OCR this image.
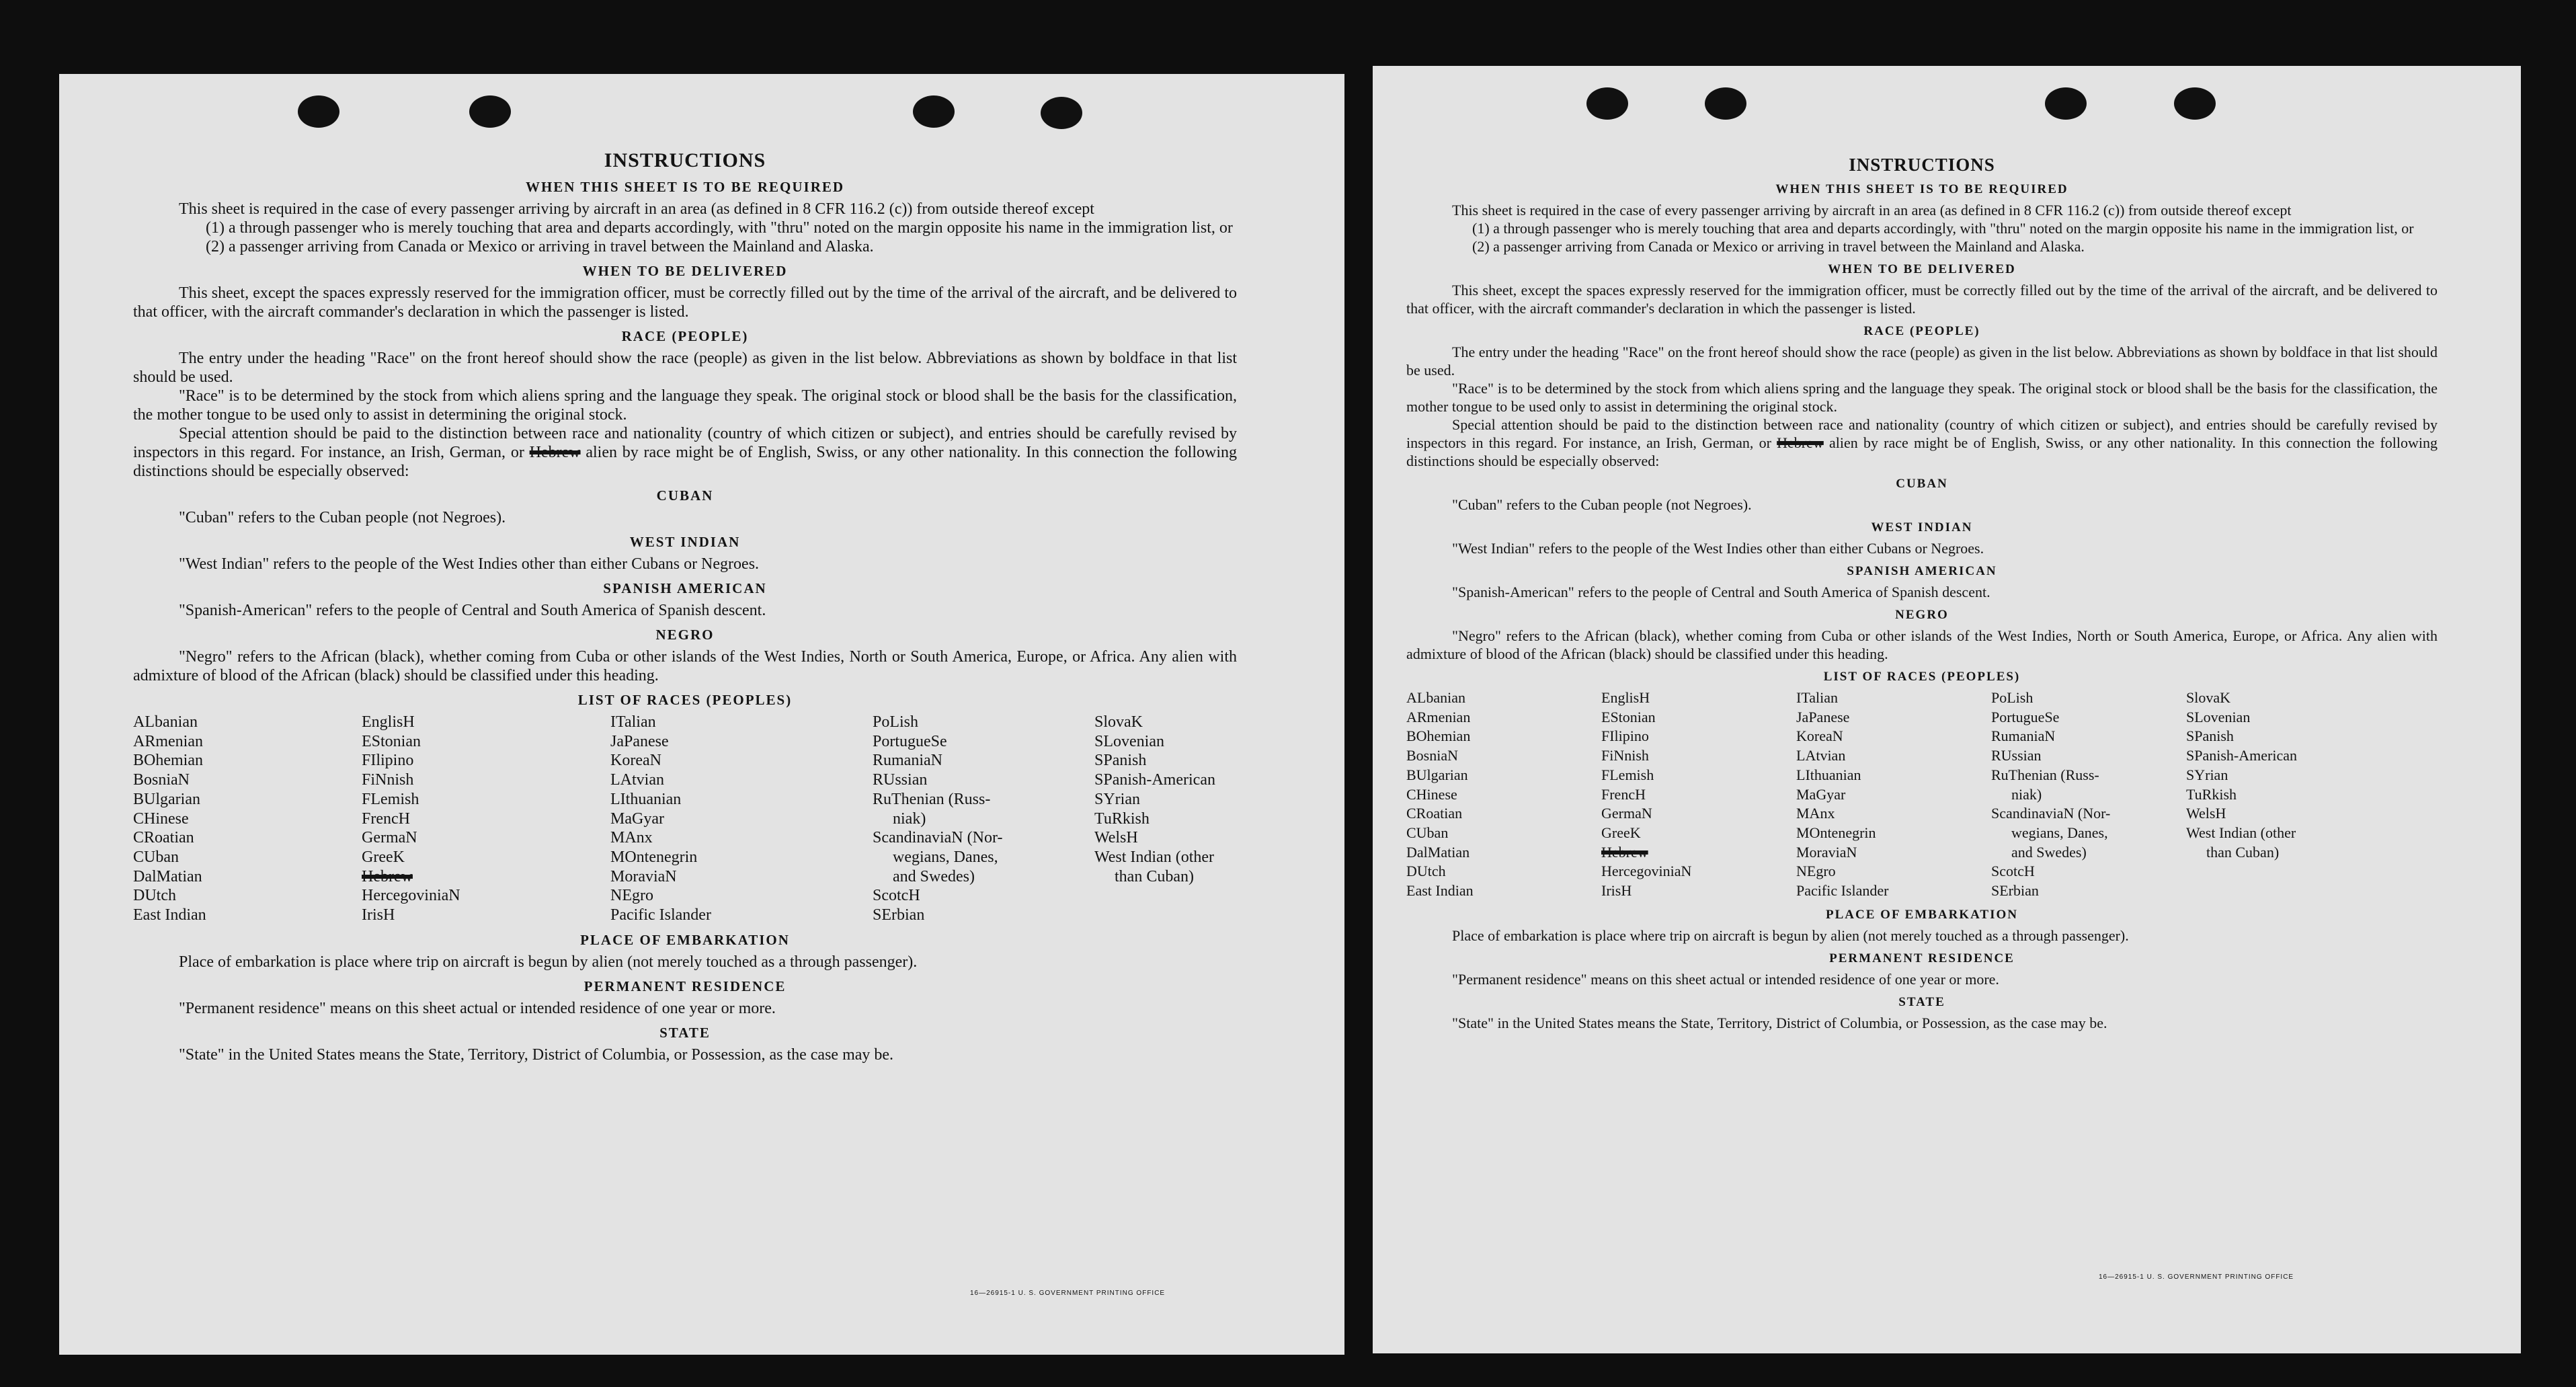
INSTRUCTIONS
WHEN THIS SHEET IS TO BE REQUIRED

This sheet is required in the case of every passenger arriving by aircraft in an area (as defined in 8 CFR 116.2 (c)) from outside thereof except

(1) a through passenger who is merely touching that area and departs accordingly, with "thru" noted on the margin opposite his name in the immigration list, or

(2) a passenger arriving from Canada or Mexico or arriving in travel between the Mainland and Alaska.

WHEN TO BE DELIVERED

This sheet, except the spaces expressly reserved for the immigration officer, must be correctly filled out by the time of the arrival of the aircraft, and be delivered to that officer, with the aircraft commander's declaration in which the passenger is listed.

RACE (PEOPLE)

The entry under the heading "Race" on the front hereof should show the race (people) as given in the list below. Abbreviations as shown by boldface in that list should be used.

"Race" is to be determined by the stock from which aliens spring and the language they speak. The original stock or blood shall be the basis for the classification, the mother tongue to be used only to assist in determining the original stock.

Special attention should be paid to the distinction between race and nationality (country of which citizen or subject), and entries should be carefully revised by inspectors in this regard. For instance, an Irish, German, or Hebrew alien by race might be of English, Swiss, or any other nationality. In this connection the following distinctions should be especially observed:

CUBAN

"Cuban" refers to the Cuban people (not Negroes).

WEST INDIAN

"West Indian" refers to the people of the West Indies other than either Cubans or Negroes.

SPANISH AMERICAN

"Spanish-American" refers to the people of Central and South America of Spanish descent.

NEGRO

"Negro" refers to the African (black), whether coming from Cuba or other islands of the West Indies, North or South America, Europe, or Africa. Any alien with admixture of blood of the African (black) should be classified under this heading.

LIST OF RACES (PEOPLES)
ALbanian
ARmenian
BOhemian
BosniaN
BUlgarian
CHinese
CRoatian
CUban
DalMatian
DUtch
East Indian
EnglisH
EStonian
FIlipino
FiNnish
FLemish
FrencH
GermaN
GreeK
Hebrew
HercegoviniaN
IrisH
ITalian
JaPanese
KoreaN
LAtvian
LIthuanian
MaGyar
MAnx
MOntenegrin
MoraviaN
NEgro
Pacific Islander
PoLish
PortugueSe
RumaniaN
RUssian
RuThenian (Russ-
niak)
ScandinaviaN (Nor-
wegians, Danes,
and Swedes)
ScotcH
SErbian
SlovaK
SLovenian
SPanish
SPanish-American
SYrian
TuRkish
WelsH
West Indian (other
than Cuban)
PLACE OF EMBARKATION

Place of embarkation is place where trip on aircraft is begun by alien (not merely touched as a through passenger).

PERMANENT RESIDENCE

"Permanent residence" means on this sheet actual or intended residence of one year or more.

STATE

"State" in the United States means the State, Territory, District of Columbia, or Possession, as the case may be.

16—26915-1 U. S. GOVERNMENT PRINTING OFFICE
INSTRUCTIONS
WHEN THIS SHEET IS TO BE REQUIRED

This sheet is required in the case of every passenger arriving by aircraft in an area (as defined in 8 CFR 116.2 (c)) from outside thereof except

(1) a through passenger who is merely touching that area and departs accordingly, with "thru" noted on the margin opposite his name in the immigration list, or

(2) a passenger arriving from Canada or Mexico or arriving in travel between the Mainland and Alaska.

WHEN TO BE DELIVERED

This sheet, except the spaces expressly reserved for the immigration officer, must be correctly filled out by the time of the arrival of the aircraft, and be delivered to that officer, with the aircraft commander's declaration in which the passenger is listed.

RACE (PEOPLE)

The entry under the heading "Race" on the front hereof should show the race (people) as given in the list below. Abbreviations as shown by boldface in that list should be used.

"Race" is to be determined by the stock from which aliens spring and the language they speak. The original stock or blood shall be the basis for the classification, the mother tongue to be used only to assist in determining the original stock.

Special attention should be paid to the distinction between race and nationality (country of which citizen or subject), and entries should be carefully revised by inspectors in this regard. For instance, an Irish, German, or Hebrew alien by race might be of English, Swiss, or any other nationality. In this connection the following distinctions should be especially observed:

CUBAN

"Cuban" refers to the Cuban people (not Negroes).

WEST INDIAN

"West Indian" refers to the people of the West Indies other than either Cubans or Negroes.

SPANISH AMERICAN

"Spanish-American" refers to the people of Central and South America of Spanish descent.

NEGRO

"Negro" refers to the African (black), whether coming from Cuba or other islands of the West Indies, North or South America, Europe, or Africa. Any alien with admixture of blood of the African (black) should be classified under this heading.

LIST OF RACES (PEOPLES)
ALbanian
ARmenian
BOhemian
BosniaN
BUlgarian
CHinese
CRoatian
CUban
DalMatian
DUtch
East Indian
EnglisH
EStonian
FIlipino
FiNnish
FLemish
FrencH
GermaN
GreeK
Hebrew
HercegoviniaN
IrisH
ITalian
JaPanese
KoreaN
LAtvian
LIthuanian
MaGyar
MAnx
MOntenegrin
MoraviaN
NEgro
Pacific Islander
PoLish
PortugueSe
RumaniaN
RUssian
RuThenian (Russ-
niak)
ScandinaviaN (Nor-
wegians, Danes,
and Swedes)
ScotcH
SErbian
SlovaK
SLovenian
SPanish
SPanish-American
SYrian
TuRkish
WelsH
West Indian (other
than Cuban)
PLACE OF EMBARKATION

Place of embarkation is place where trip on aircraft is begun by alien (not merely touched as a through passenger).

PERMANENT RESIDENCE

"Permanent residence" means on this sheet actual or intended residence of one year or more.

STATE

"State" in the United States means the State, Territory, District of Columbia, or Possession, as the case may be.

16—26915-1 U. S. GOVERNMENT PRINTING OFFICE
